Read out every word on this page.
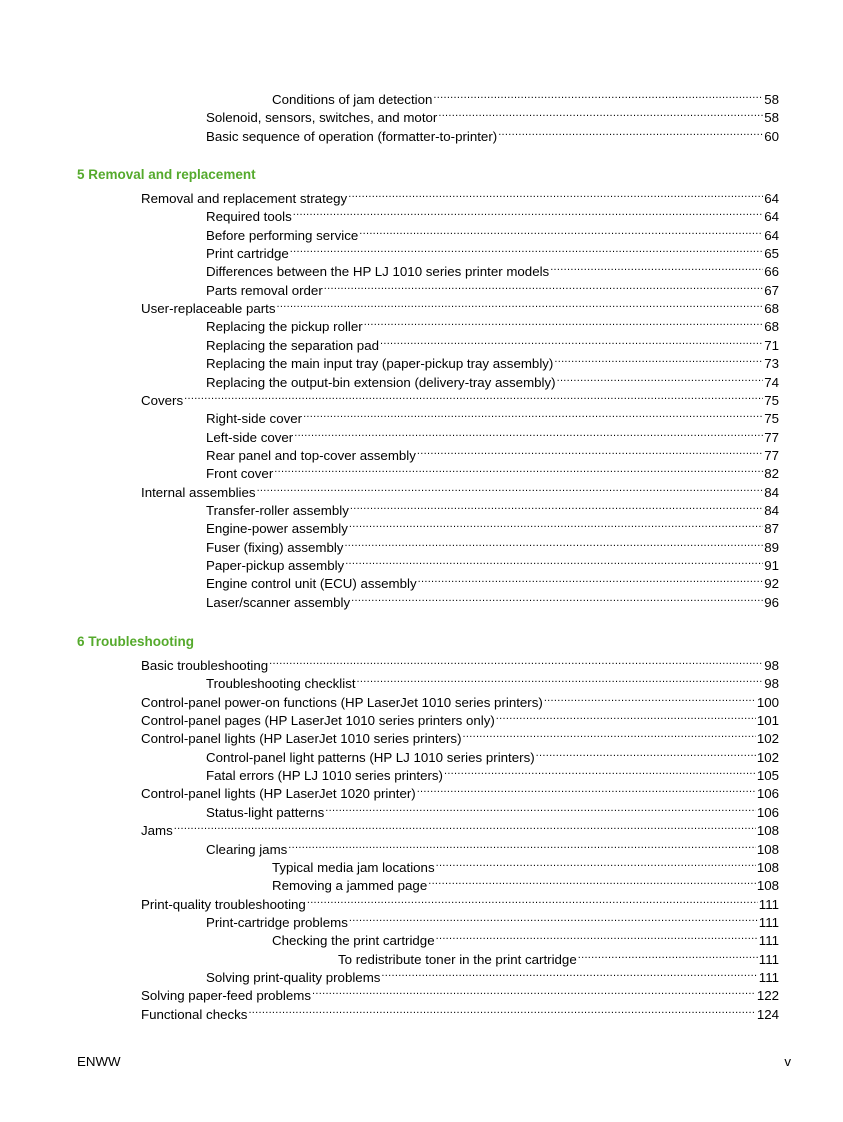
Conditions of jam detection .....	58
Solenoid, sensors, switches, and motor .....	58
Basic sequence of operation (formatter-to-printer) .....	60
5 Removal and replacement
Removal and replacement strategy .....	64
Required tools .....	64
Before performing service .....	64
Print cartridge .....	65
Differences between the HP LJ 1010 series printer models .....	66
Parts removal order .....	67
User-replaceable parts .....	68
Replacing the pickup roller .....	68
Replacing the separation pad .....	71
Replacing the main input tray (paper-pickup tray assembly) .....	73
Replacing the output-bin extension (delivery-tray assembly) .....	74
Covers .....	75
Right-side cover .....	75
Left-side cover .....	77
Rear panel and top-cover assembly .....	77
Front cover .....	82
Internal assemblies .....	84
Transfer-roller assembly .....	84
Engine-power assembly .....	87
Fuser (fixing) assembly .....	89
Paper-pickup assembly .....	91
Engine control unit (ECU) assembly .....	92
Laser/scanner assembly .....	96
6 Troubleshooting
Basic troubleshooting .....	98
Troubleshooting checklist .....	98
Control-panel power-on functions (HP LaserJet 1010 series printers) .....	100
Control-panel pages (HP LaserJet 1010 series printers only) .....	101
Control-panel lights (HP LaserJet 1010 series printers) .....	102
Control-panel light patterns (HP LJ 1010 series printers) .....	102
Fatal errors (HP LJ 1010 series printers) .....	105
Control-panel lights (HP LaserJet 1020 printer) .....	106
Status-light patterns .....	106
Jams .....	108
Clearing jams .....	108
Typical media jam locations .....	108
Removing a jammed page .....	108
Print-quality troubleshooting .....	111
Print-cartridge problems .....	111
Checking the print cartridge .....	111
To redistribute toner in the print cartridge .....	111
Solving print-quality problems .....	111
Solving paper-feed problems .....	122
Functional checks .....	124
ENWW	v
